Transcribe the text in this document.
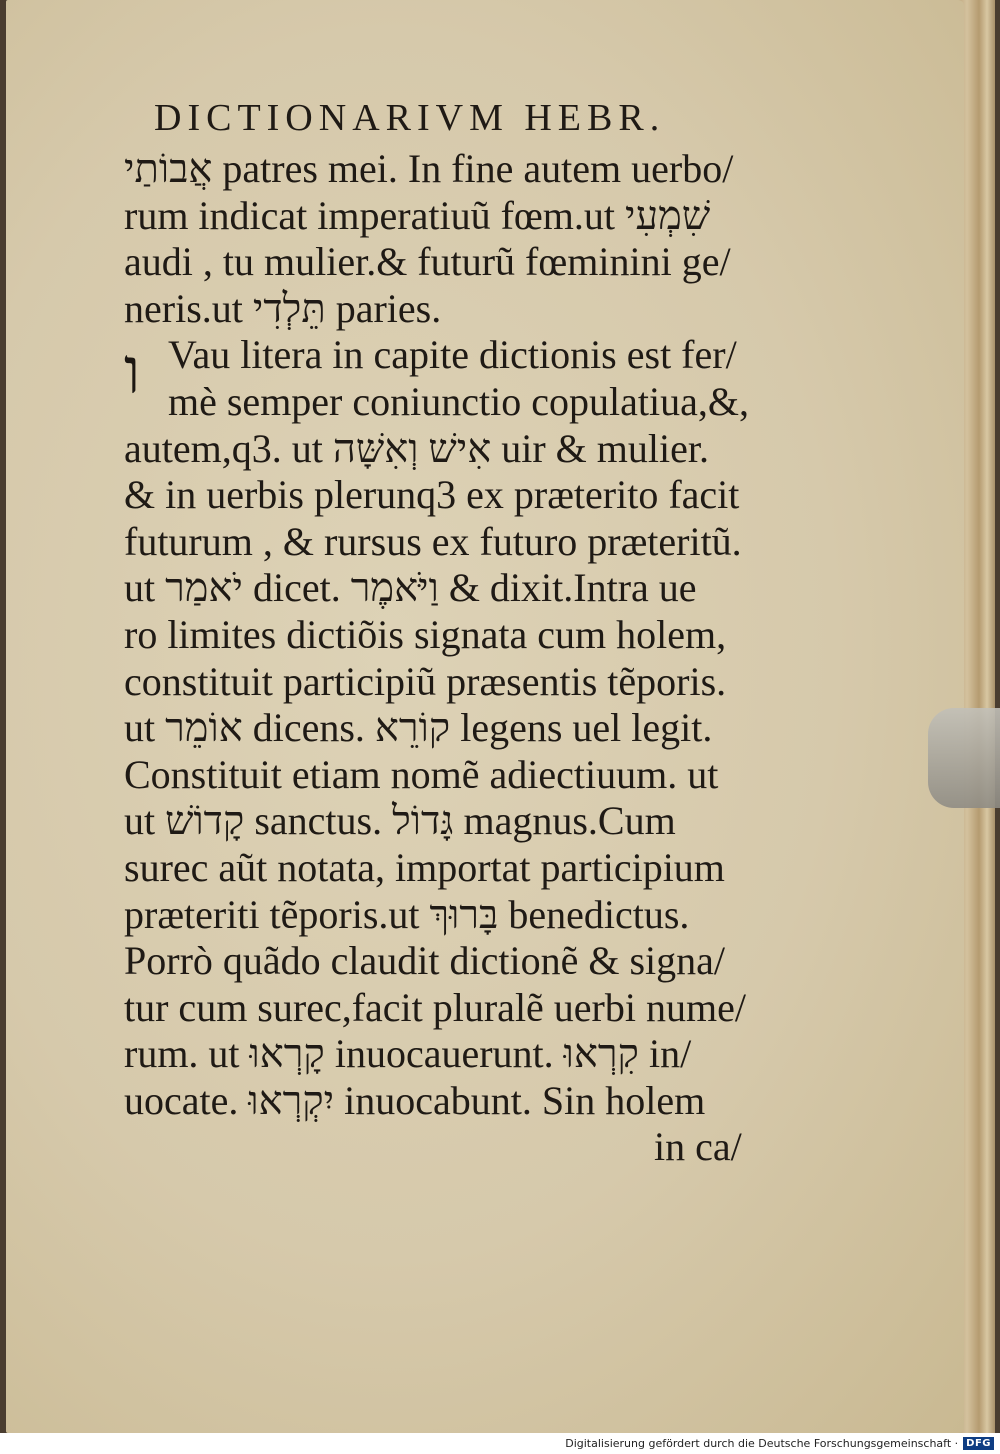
DICTIONARIVM HEBR.
ו
אֲבוֹתַי patres mei. In fine autem uerbo/
rum indicat imperatiuũ fœm.ut שִׁמְעִי
audi , tu mulier.& futurũ fœminini ge/
neris.ut תֵּלְדִי paries.
Vau litera in capite dictionis est fer/
mè semper coniunctio copulatiua,&,
autem,q3. ut אִישׁ וְאִשָּׁה uir & mulier.
& in uerbis plerunq3 ex præterito facit
futurum , & rursus ex futuro præteritũ.
ut יֹאמַר dicet. וַיֹּאמֶר & dixit.Intra ue
ro limites dictiõis signata cum holem,
constituit participiũ præsentis tẽporis.
ut אוֹמֵר dicens. קוֹרֵא legens uel legit.
Constituit etiam nomẽ adiectiuum. ut
ut קָדוֹשׁ sanctus. גָּדוֹל magnus.Cum
surec aũt notata, importat participium
præteriti tẽporis.ut בָּרוּךְ benedictus.
Porrò quãdo claudit dictionẽ & signa/
tur cum surec,facit pluralẽ uerbi nume/
rum. ut קָרְאוּ inuocauerunt. קִרְאוּ in/
uocate. יִקְרְאוּ inuocabunt. Sin holem
in ca/
Digitalisierung gefördert durch die Deutsche Forschungsgemeinschaft · DFG
